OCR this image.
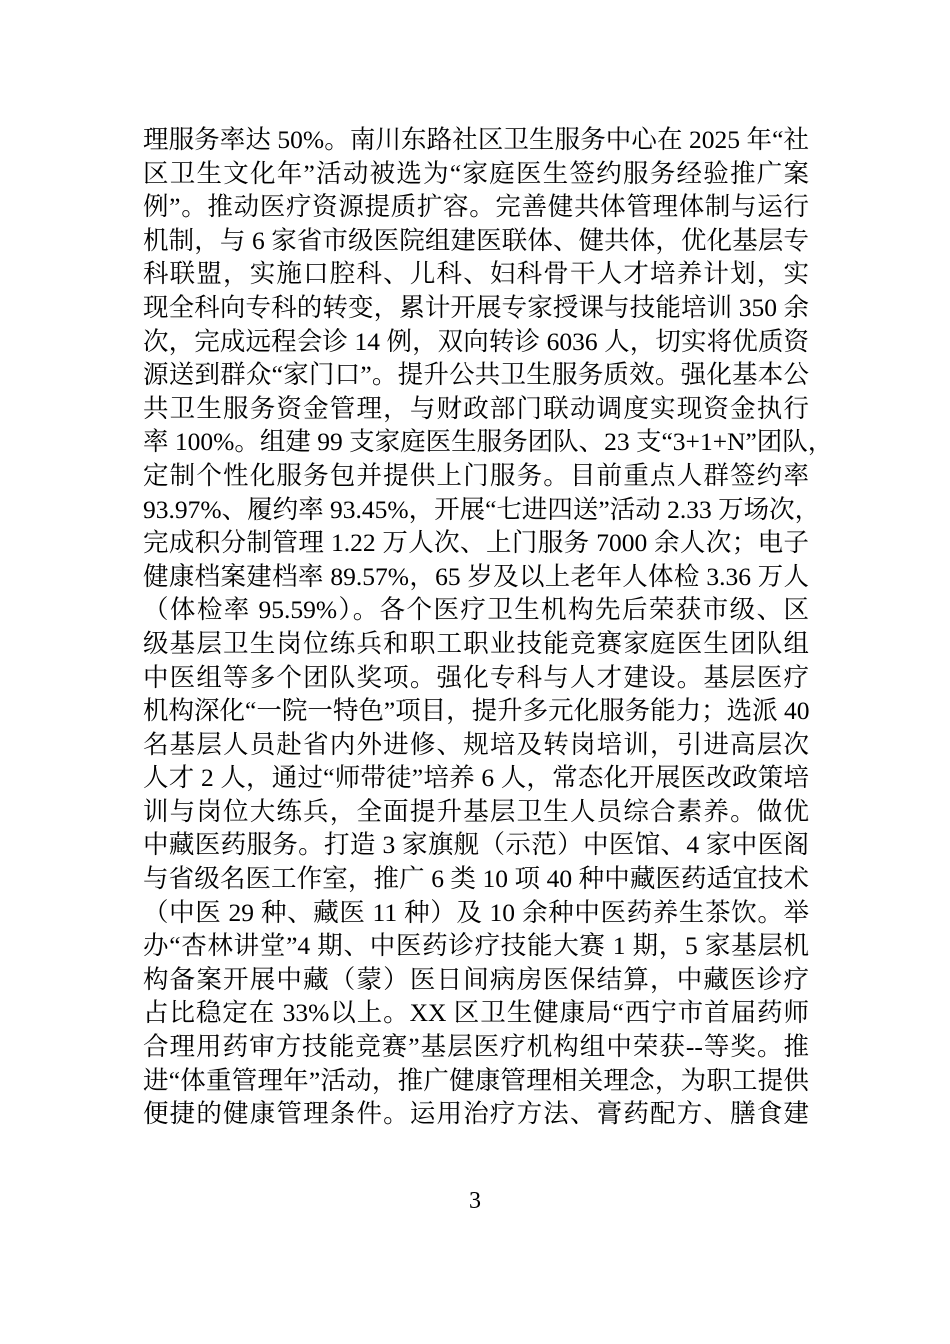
理服务率达 50%。南川东路社区卫生服务中心在 2025 年“社
区卫生文化年”活动被选为“家庭医生签约服务经验推广案
例”。推动医疗资源提质扩容。完善健共体管理体制与运行
机制，与 6 家省市级医院组建医联体、健共体，优化基层专
科联盟，实施口腔科、儿科、妇科骨干人才培养计划，实
现全科向专科的转变，累计开展专家授课与技能培训 350 余
次，完成远程会诊 14 例，双向转诊 6036 人，切实将优质资
源送到群众“家门口”。提升公共卫生服务质效。强化基本公
共卫生服务资金管理，与财政部门联动调度实现资金执行
率 100%。组建 99 支家庭医生服务团队、23 支“3+1+N”团队，
定制个性化服务包并提供上门服务。目前重点人群签约率
93.97%、履约率 93.45%，开展“七进四送”活动 2.33 万场次，
完成积分制管理 1.22 万人次、上门服务 7000 余人次；电子
健康档案建档率 89.57%，65 岁及以上老年人体检 3.36 万人
（体检率 95.59%）。各个医疗卫生机构先后荣获市级、区
级基层卫生岗位练兵和职工职业技能竞赛家庭医生团队组
中医组等多个团队奖项。强化专科与人才建设。基层医疗
机构深化“一院一特色”项目，提升多元化服务能力；选派 40
名基层人员赴省内外进修、规培及转岗培训，引进高层次
人才 2 人，通过“师带徒”培养 6 人，常态化开展医改政策培
训与岗位大练兵，全面提升基层卫生人员综合素养。做优
中藏医药服务。打造 3 家旗舰（示范）中医馆、4 家中医阁
与省级名医工作室，推广 6 类 10 项 40 种中藏医药适宜技术
（中医 29 种、藏医 11 种）及 10 余种中医药养生茶饮。举
办“杏林讲堂”4 期、中医药诊疗技能大赛 1 期，5 家基层机
构备案开展中藏（蒙）医日间病房医保结算，中藏医诊疗
占比稳定在 33%以上。XX 区卫生健康局“西宁市首届药师
合理用药审方技能竞赛”基层医疗机构组中荣获--等奖。推
进“体重管理年”活动，推广健康管理相关理念，为职工提供
便捷的健康管理条件。运用治疗方法、膏药配方、膳食建
3
